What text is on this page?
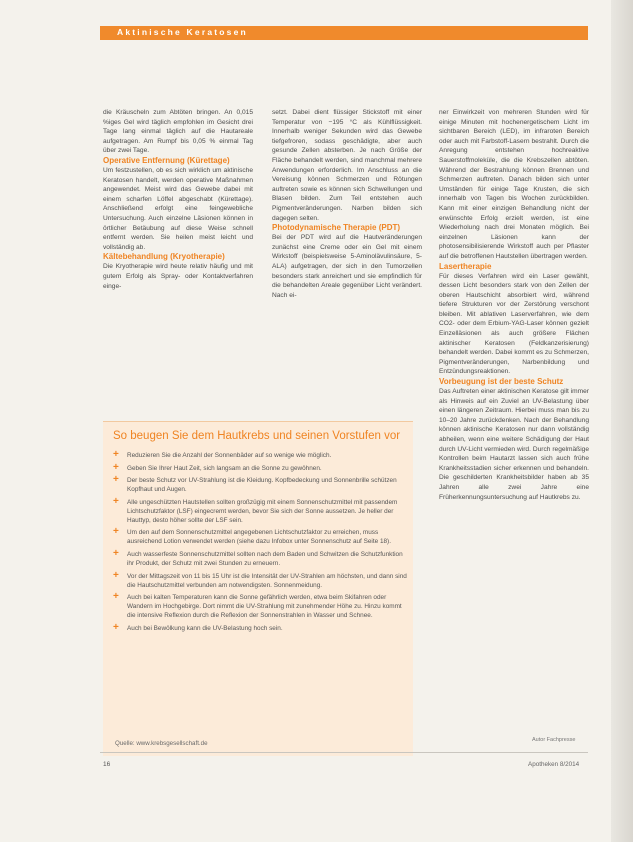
Aktinische Keratosen

die Kräuscheln zum Abtöten bringen. An 0,015 %iges Gel wird täglich empfohlen im Gesicht drei Tage lang einmal täglich auf die Hautareale aufgetragen. Am Rumpf bis 0,05 % einmal Tag über zwei Tage.

Operative Entfernung (Kürettage)

Um festzustellen, ob es sich wirklich um aktinische Keratosen handelt, werden operative Maßnahmen angewendet. Meist wird das Gewebe dabei mit einem scharfen Löffel abgeschabt (Kürettage). Anschließend erfolgt eine feingewebliche Untersuchung. Auch einzelne Läsionen können in örtlicher Betäubung auf diese Weise schnell entfernt werden. Sie heilen meist leicht und vollständig ab.

Kältebehandlung (Kryotherapie)

Die Kryotherapie wird heute relativ häufig und mit gutem Erfolg als Spray- oder Kontaktverfahren einge-

setzt. Dabei dient flüssiger Stickstoff mit einer Temperatur von −195 °C als Kühlflüssigkeit. Innerhalb weniger Sekunden wird das Gewebe tiefgefroren, sodass geschädigte, aber auch gesunde Zellen absterben. Je nach Größe der Fläche behandelt werden, sind manchmal mehrere Anwendungen erforderlich. Im Anschluss an die Vereisung können Schmerzen und Rötungen auftreten sowie es können sich Schwellungen und Blasen bilden. Zum Teil entstehen auch Pigmentveränderungen. Narben bilden sich dagegen selten.

Photodynamische Therapie (PDT)

Bei der PDT wird auf die Hautveränderungen zunächst eine Creme oder ein Gel mit einem Wirkstoff (beispielsweise 5-Aminolävulinsäure, 5-ALA) aufgetragen, der sich in den Tumorzellen besonders stark anreichert und sie empfindlich für die behandelten Areale gegenüber Licht verändert. Nach ei-

ner Einwirkzeit von mehreren Stunden wird für einige Minuten mit hochenergetischem Licht im sichtbaren Bereich (LED), im infraroten Bereich oder auch mit Farbstoff-Lasern bestrahlt. Durch die Anregung entstehen hochreaktive Sauerstoffmoleküle, die die Krebszellen abtöten. Während der Bestrahlung können Brennen und Schmerzen auftreten. Danach bilden sich unter Umständen für einige Tage Krusten, die sich innerhalb von Tagen bis Wochen zurückbilden. Kann mit einer einzigen Behandlung nicht der erwünschte Erfolg erzielt werden, ist eine Wiederholung nach drei Monaten möglich. Bei einzelnen Läsionen kann der photosensibilisierende Wirkstoff auch per Pflaster auf die betroffenen Hautstellen übertragen werden.

Lasertherapie

Für dieses Verfahren wird ein Laser gewählt, dessen Licht besonders stark von den Zellen der oberen Hautschicht absorbiert wird, während tiefere Strukturen vor der Zerstörung verschont bleiben. Mit ablativen Laserverfahren, wie dem CO2- oder dem Erbium-YAG-Laser können gezielt Einzelläsionen als auch größere Flächen aktinischer Keratosen (Feldkanzerisierung) behandelt werden. Dabei kommt es zu Schmerzen, Pigmentveränderungen, Narbenbildung und Entzündungsreaktionen.

Vorbeugung ist der beste Schutz

Das Auftreten einer aktinischen Keratose gilt immer als Hinweis auf ein Zuviel an UV-Belastung über einen längeren Zeitraum. Hierbei muss man bis zu 10–20 Jahre zurückdenken. Nach der Behandlung können aktinische Keratosen nur dann vollständig abheilen, wenn eine weitere Schädigung der Haut durch UV-Licht vermieden wird. Durch regelmäßige Kontrollen beim Hautarzt lassen sich auch frühe Krankheitsstadien sicher erkennen und behandeln. Die geschilderten Krankheitsbilder haben ab 35 Jahren alle zwei Jahre eine Früherkennungsuntersuchung auf Hautkrebs zu.

So beugen Sie dem Hautkrebs und seinen Vorstufen vor
+ Reduzieren Sie die Anzahl der Sonnenbäder auf so wenige wie möglich.
+ Geben Sie Ihrer Haut Zeit, sich langsam an die Sonne zu gewöhnen.
+ Der beste Schutz vor UV-Strahlung ist die Kleidung. Kopfbedeckung und Sonnenbrille schützen Kopfhaut und Augen.
+ Alle ungeschützten Hautstellen sollten großzügig mit einem Sonnenschutzmittel mit passendem Lichtschutzfaktor (LSF) eingecremt werden, bevor Sie sich der Sonne aussetzen. Je heller der Hauttyp, desto höher sollte der LSF sein.
+ Um den auf dem Sonnenschutzmittel angegebenen Lichtschutzfaktor zu erreichen, muss ausreichend Lotion verwendet werden (siehe dazu Infobox unter Sonnenschutz auf Seite 18).
+ Auch wasserfeste Sonnenschutzmittel sollten nach dem Baden und Schwitzen die Schutzfunktion ihr Produkt, der Schutz mit zwei Stunden zu erneuern.
+ Vor der Mittagszeit von 11 bis 15 Uhr ist die Intensität der UV-Strahlen am höchsten, und dann sind die Hautschutzmittel verbunden am notwendigsten. Sonnenmeidung.
+ Auch bei kalten Temperaturen kann die Sonne gefährlich werden, etwa beim Skifahren oder Wandern im Hochgebirge. Dort nimmt die UV-Strahlung mit zunehmender Höhe zu. Hinzu kommt die intensive Reflexion durch die Reflexion der Sonnenstrahlen in Wasser und Schnee.
+ Auch bei Bewölkung kann die UV-Belastung hoch sein.
Quelle: www.krebsgesellschaft.de	Autor Fachpresse
16	Apotheken 8/2014
